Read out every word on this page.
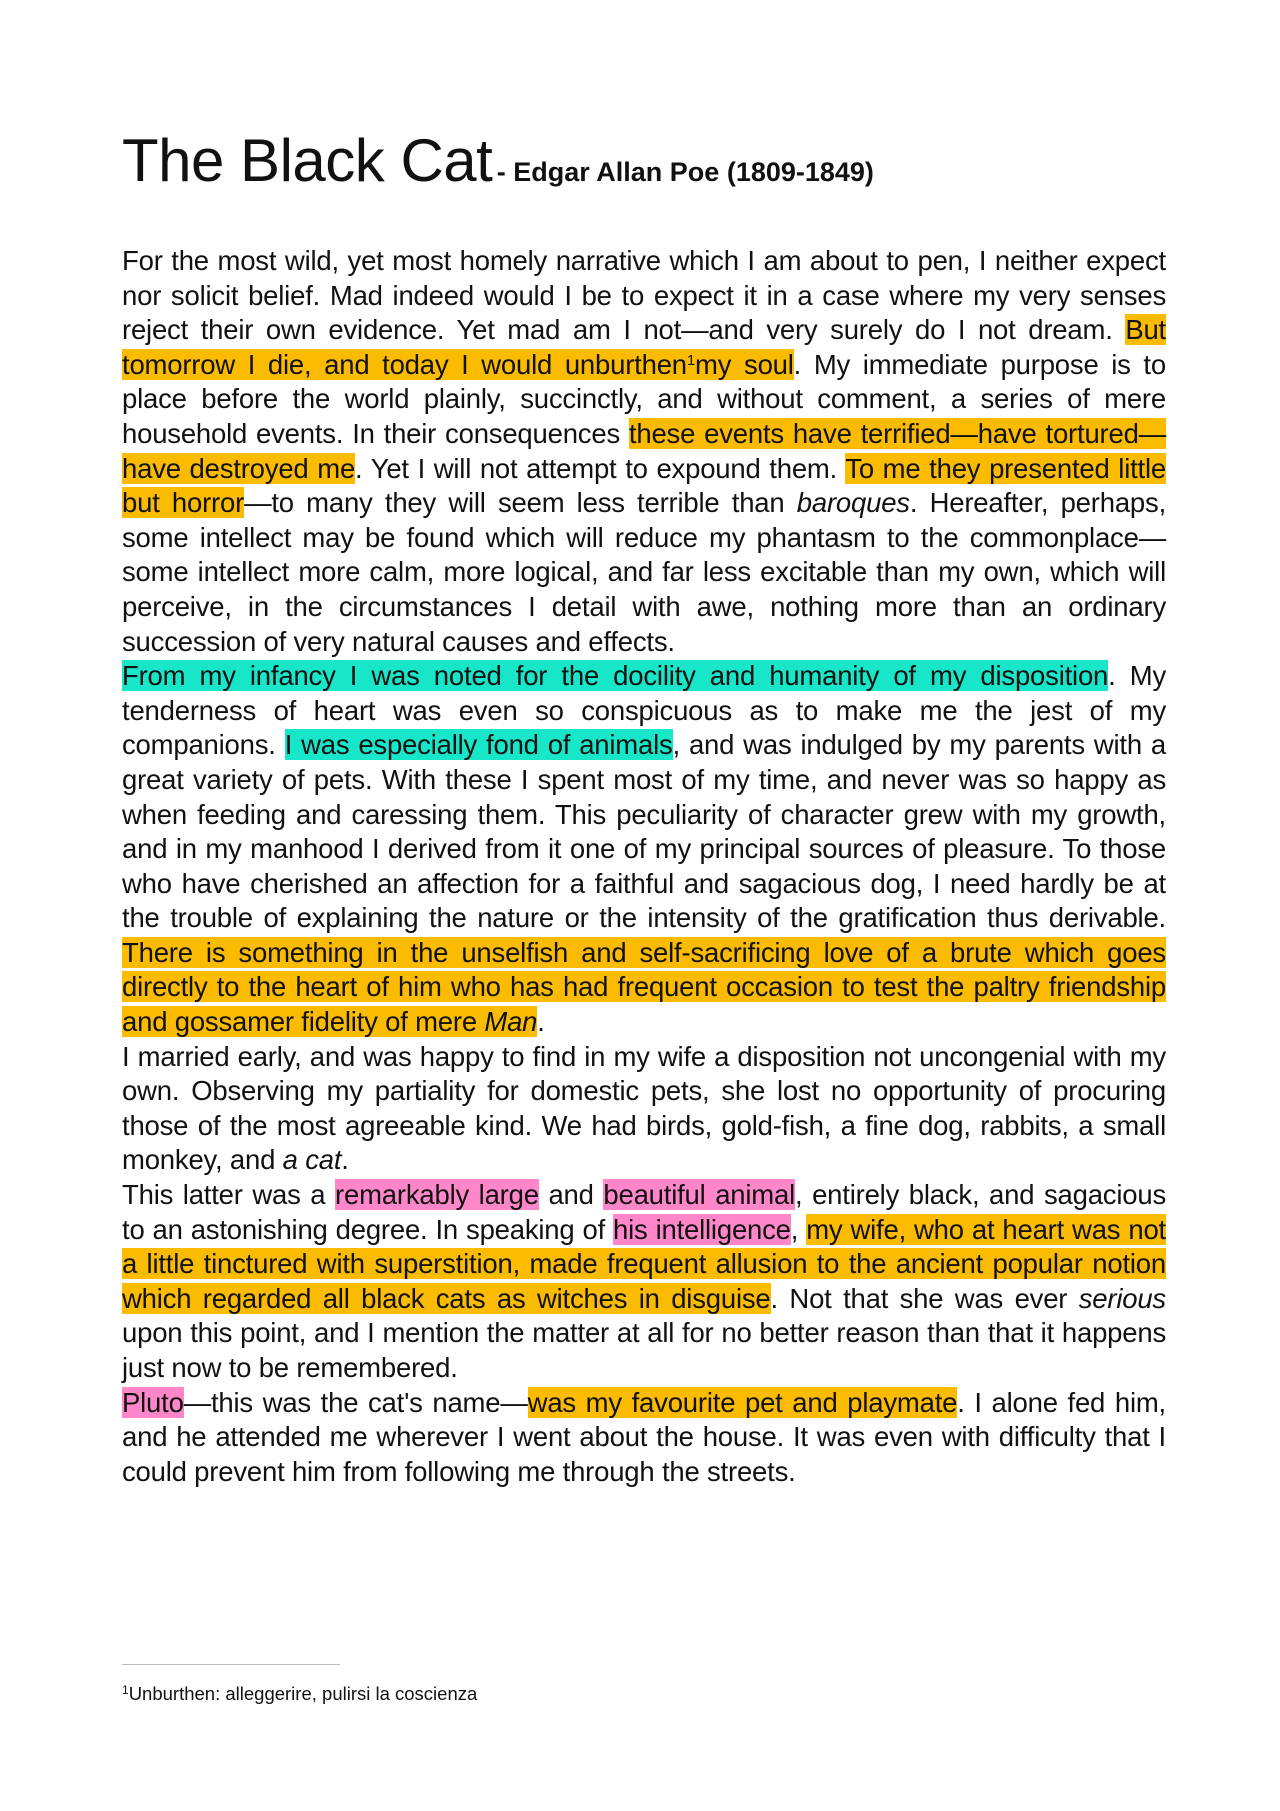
The Black Cat - Edgar Allan Poe (1809-1849)

For the most wild, yet most homely narrative which I am about to pen, I neither expect nor solicit belief. Mad indeed would I be to expect it in a case where my very senses reject their own evidence. Yet mad am I not—and very surely do I not dream. But tomorrow I die, and today I would unburthen$^1$my soul. My immediate purpose is to place before the world plainly, succinctly, and without comment, a series of mere household events. In their consequences these events have terrified—have tortured—have destroyed me. Yet I will not attempt to expound them. To me they presented little but horror—to many they will seem less terrible than baroques. Hereafter, perhaps, some intellect may be found which will reduce my phantasm to the commonplace—some intellect more calm, more logical, and far less excitable than my own, which will perceive, in the circumstances I detail with awe, nothing more than an ordinary succession of very natural causes and effects.

From my infancy I was noted for the docility and humanity of my disposition. My tenderness of heart was even so conspicuous as to make me the jest of my companions. I was especially fond of animals, and was indulged by my parents with a great variety of pets. With these I spent most of my time, and never was so happy as when feeding and caressing them. This peculiarity of character grew with my growth, and in my manhood I derived from it one of my principal sources of pleasure. To those who have cherished an affection for a faithful and sagacious dog, I need hardly be at the trouble of explaining the nature or the intensity of the gratification thus derivable. There is something in the unselfish and self-sacrificing love of a brute which goes directly to the heart of him who has had frequent occasion to test the paltry friendship and gossamer fidelity of mere Man.

I married early, and was happy to find in my wife a disposition not uncongenial with my own. Observing my partiality for domestic pets, she lost no opportunity of procuring those of the most agreeable kind. We had birds, gold-fish, a fine dog, rabbits, a small monkey, and a cat.

This latter was a remarkably large and beautiful animal, entirely black, and sagacious to an astonishing degree. In speaking of his intelligence, my wife, who at heart was not a little tinctured with superstition, made frequent allusion to the ancient popular notion which regarded all black cats as witches in disguise. Not that she was ever serious upon this point, and I mention the matter at all for no better reason than that it happens just now to be remembered.

Pluto—this was the cat's name—was my favourite pet and playmate. I alone fed him, and he attended me wherever I went about the house. It was even with difficulty that I could prevent him from following me through the streets.

$^1$Unburthen: alleggerire, pulirsi la coscienza
